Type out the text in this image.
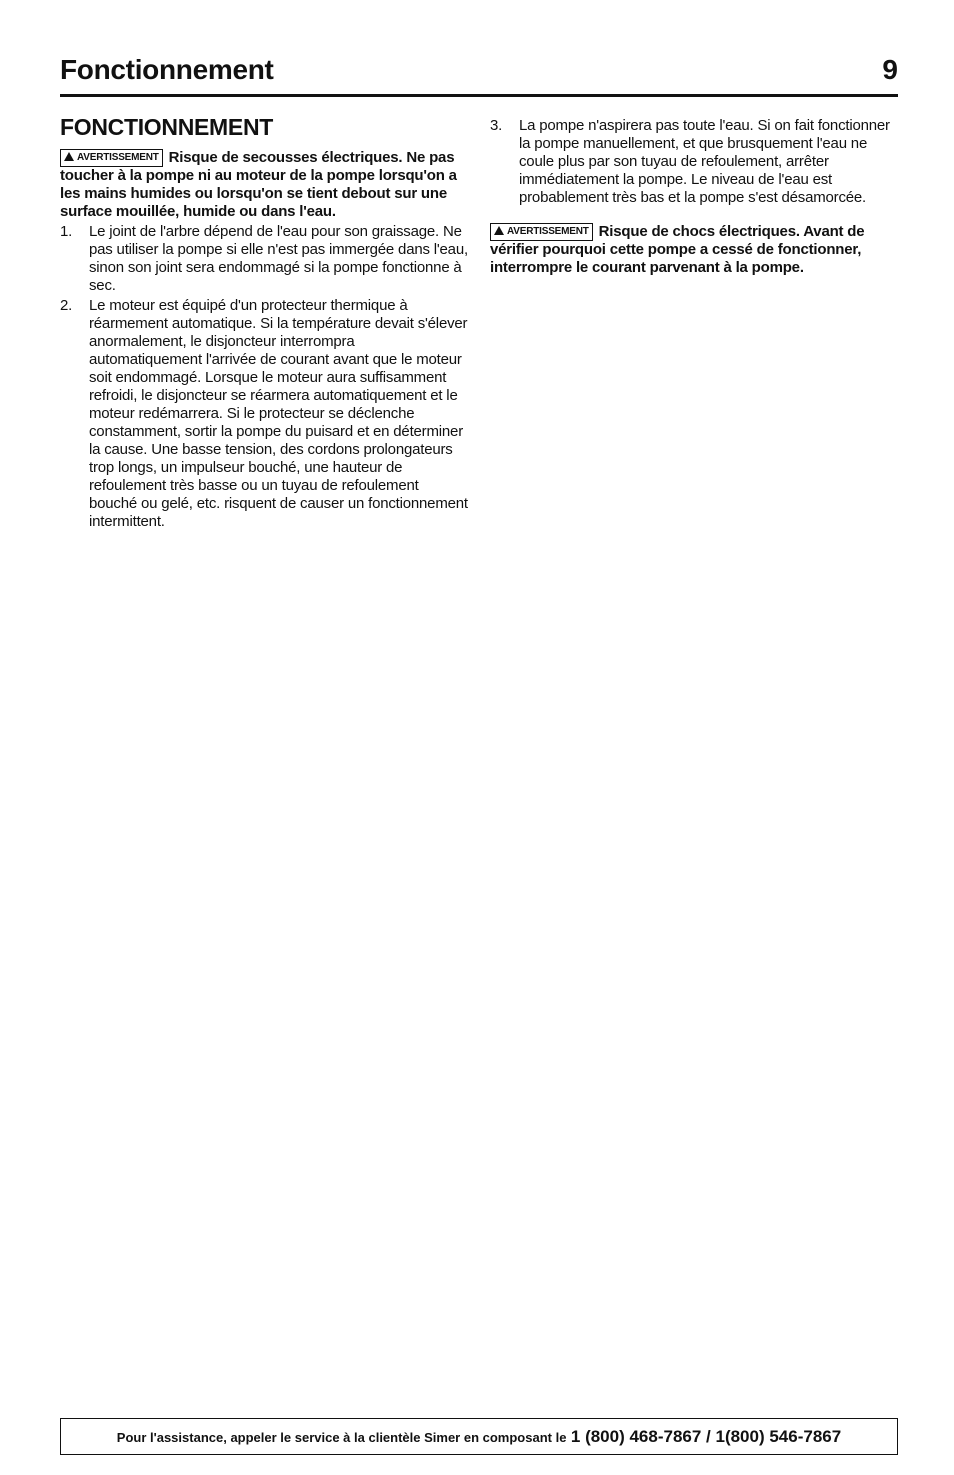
Fonctionnement	9
FONCTIONNEMENT
AVERTISSEMENT Risque de secousses électriques. Ne pas toucher à la pompe ni au moteur de la pompe lorsqu'on a les mains humides ou lorsqu'on se tient debout sur une surface mouillée, humide ou dans l'eau.
1. Le joint de l'arbre dépend de l'eau pour son graissage. Ne pas utiliser la pompe si elle n'est pas immergée dans l'eau, sinon son joint sera endommagé si la pompe fonctionne à sec.
2. Le moteur est équipé d'un protecteur thermique à réarmement automatique. Si la température devait s'élever anormalement, le disjoncteur interrompra automatiquement l'arrivée de courant avant que le moteur soit endommagé. Lorsque le moteur aura suffisamment refroidi, le disjoncteur se réarmera automatiquement et le moteur redémarrera. Si le protecteur se déclenche constamment, sortir la pompe du puisard et en déterminer la cause. Une basse tension, des cordons prolongateurs trop longs, un impulseur bouché, une hauteur de refoulement très basse ou un tuyau de refoulement bouché ou gelé, etc. risquent de causer un fonctionnement intermittent.
3. La pompe n'aspirera pas toute l'eau. Si on fait fonctionner la pompe manuellement, et que brusquement l'eau ne coule plus par son tuyau de refoulement, arrêter immédiatement la pompe. Le niveau de l'eau est probablement très bas et la pompe s'est désamorcée.
AVERTISSEMENT Risque de chocs électriques. Avant de vérifier pourquoi cette pompe a cessé de fonctionner, interrompre le courant parvenant à la pompe.
Pour l'assistance, appeler le service à la clientèle Simer en composant le 1 (800) 468-7867 / 1(800) 546-7867
